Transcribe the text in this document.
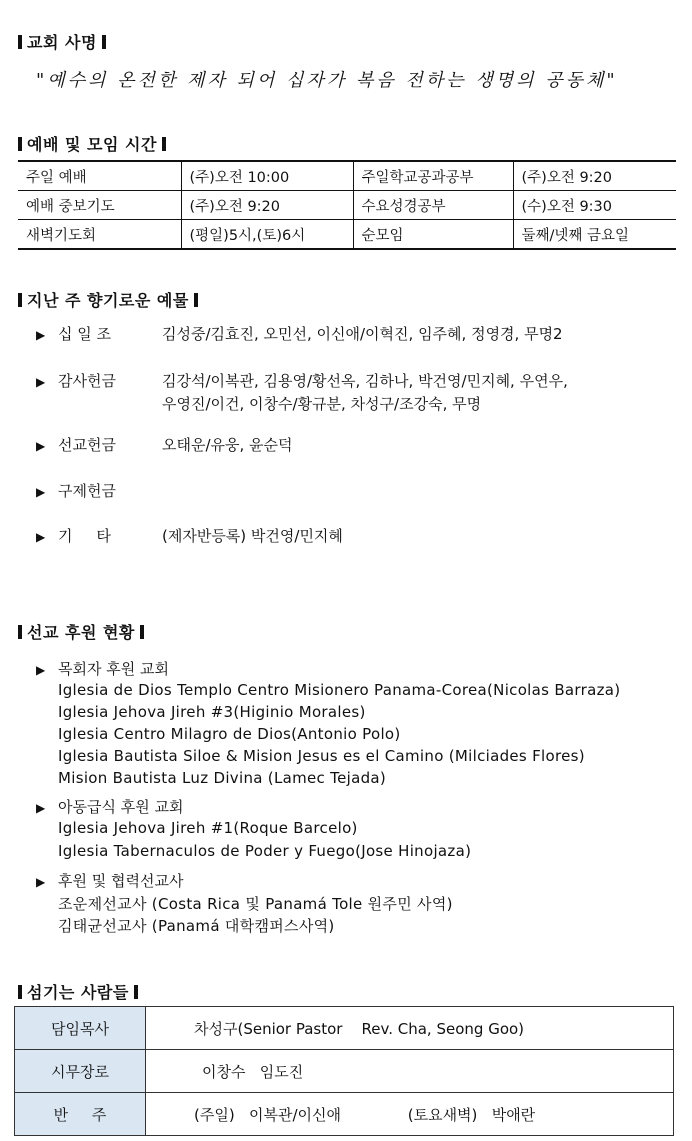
교회 사명
"예수의 온전한 제자 되어 십자가 복음 전하는 생명의 공동체"
예배 및 모임 시간
주일 예배	(주)오전 10:00	주일학교공과공부	(주)오전 9:20
예배 중보기도	(주)오전 9:20	수요성경공부	(수)오전 9:30
새벽기도회	(평일)5시,(토)6시	순모임	둘째/넷째 금요일
지난 주 향기로운 예물
▶ 십 일 조	김성중/김효진, 오민선, 이신애/이혁진, 임주혜, 정영경, 무명2
▶ 감사헌금	김강석/이복관, 김용영/황선옥, 김하나, 박건영/민지혜, 우연우,
우영진/이건, 이창수/황규분, 차성구/조강숙, 무명
▶ 선교헌금	오태운/유웅, 윤순덕
▶ 구제헌금
▶ 기     타	(제자반등록) 박건영/민지혜
선교 후원 현황
▶ 목회자 후원 교회
Iglesia de Dios Templo Centro Misionero Panama-Corea(Nicolas Barraza)
Iglesia Jehova Jireh #3(Higinio Morales)
Iglesia Centro Milagro de Dios(Antonio Polo)
Iglesia Bautista Siloe & Mision Jesus es el Camino (Milciades Flores)
Mision Bautista Luz Divina (Lamec Tejada)
▶ 아동급식 후원 교회
Iglesia Jehova Jireh #1(Roque Barcelo)
Iglesia Tabernaculos de Poder y Fuego(Jose Hinojaza)
▶ 후원 및 협력선교사
조운제선교사 (Costa Rica 및 Panamá Tole 원주민 사역)
김태균선교사 (Panamá 대학캠퍼스사역)
섬기는 사람들
담임목사	차성구(Senior Pastor    Rev. Cha, Seong Goo)
시무장로	이창수   임도진
반     주	(주일)   이복관/이신애              (토요새벽)   박애란
